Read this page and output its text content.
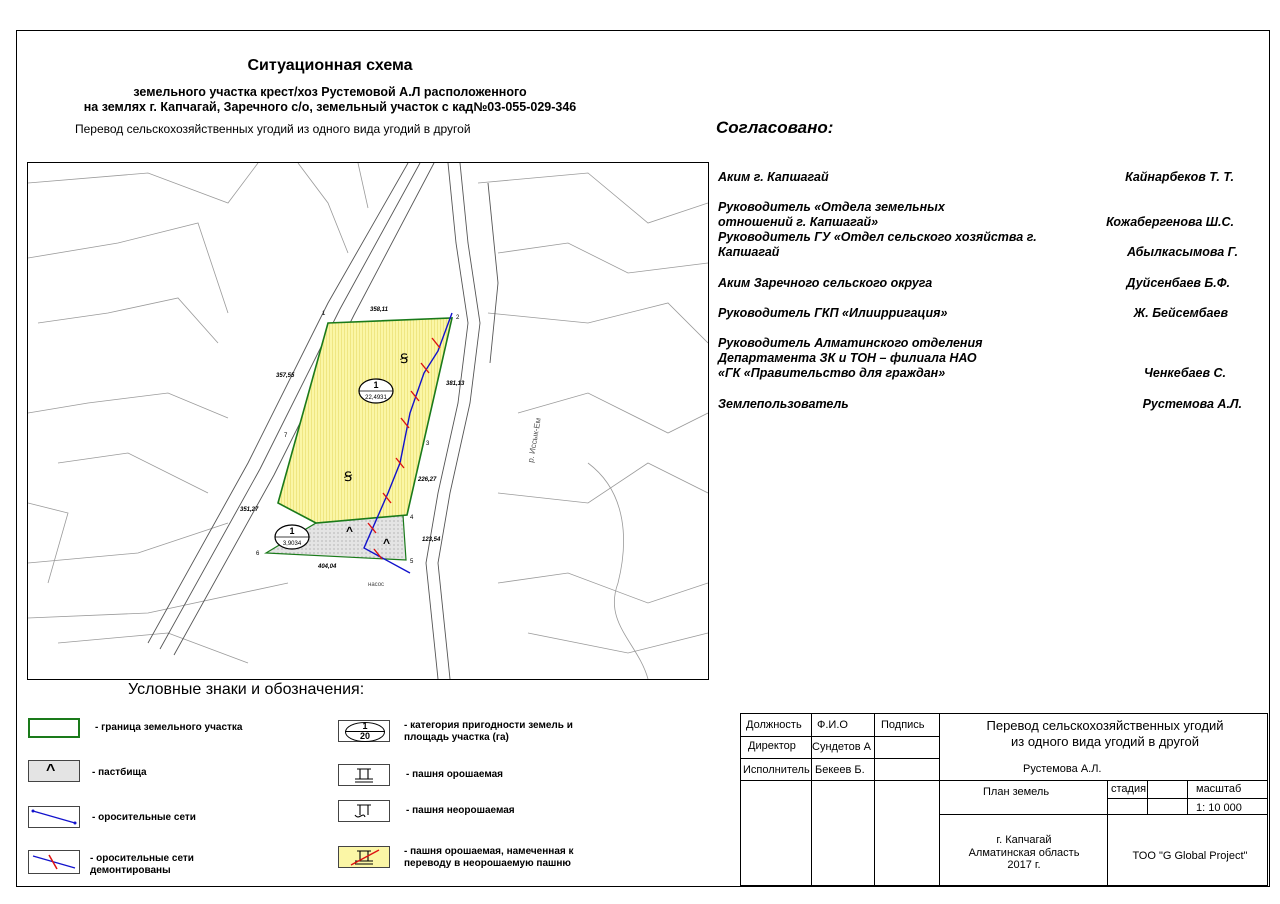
Ситуационная схема
земельного участка крест/хоз Рустемовой А.Л расположенного
на землях г. Капчагай, Заречного с/о, земельный участок с кад№03-055-029-346
Перевод сельскохозяйственных угодий из одного вида угодий в другой	Согласовано:
Аким г. Капшагай	Кайнарбеков Т. Т.
Руководитель «Отдела земельных отношений г. Капшагай»	Кожабергенова Ш.С.
Руководитель ГУ «Отдел сельского хозяйства г. Капшагай	Абылкасымова Г.
Аким Заречного сельского округа	Дуйсенбаев Б.Ф.
Руководитель ГКП «Илиирригация»	Ж. Бейсембаев
Руководитель Алматинского отделения Департамента ЗК и ТОН – филиала НАО «ГК «Правительство для граждан»	Ченкебаев С.
Землепользователь	Рустемова А.Л.
р. Иссык-Ем
1
22,4931
1
3,9034
Ꞩ
Ꞩ
^
^
1
2
3
4
5
6
7
358,11
357,55
381,13
226,27
351,27
123,54
404,04
насос
Условные знаки и обозначения:
- граница земельного участка
^	- пастбища
- оросительные сети
- оросительные сети демонтированы
1
20
- категория пригодности земель и площадь участка (га)
- пашня орошаемая
- пашня неорошаемая
- пашня орошаемая, намеченная к переводу в неорошаемую пашню
Должность Ф.И.О	Подпись
Директор Сундетов А
Исполнитель Бекеев Б.
Перевод сельскохозяйственных угодий
из одного вида угодий в другой
Рустемова А.Л.
План земель	стадия	масштаб
1: 10 000
г. Капчагай
Алматинская область
2017 г.
ТОО "G Global Project"
